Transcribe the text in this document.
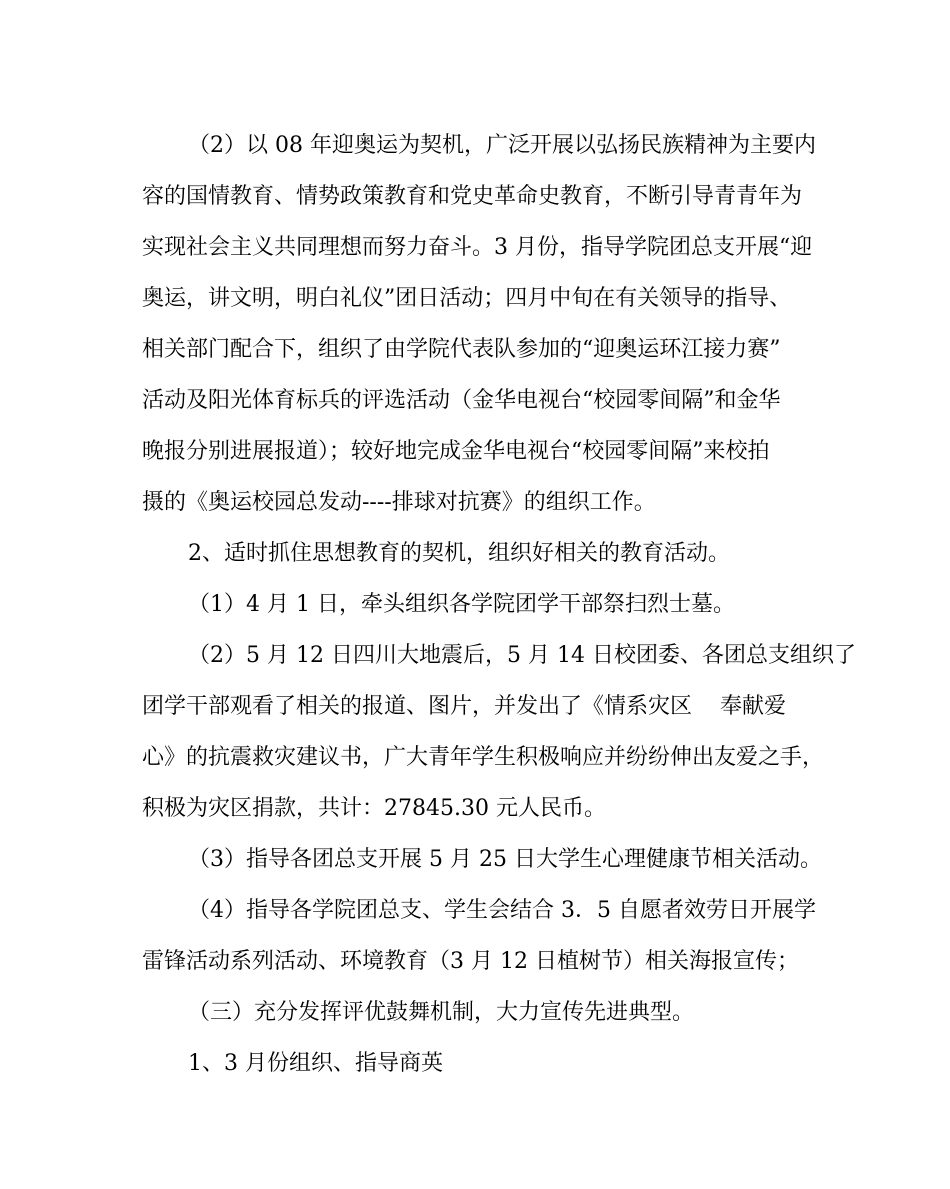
（2）以 08 年迎奥运为契机，广泛开展以弘扬民族精神为主要内
容的国情教育、情势政策教育和党史革命史教育，不断引导青青年为
实现社会主义共同理想而努力奋斗。3 月份，指导学院团总支开展“迎
奥运，讲文明，明白礼仪”团日活动；四月中旬在有关领导的指导、
相关部门配合下，组织了由学院代表队参加的“迎奥运环江接力赛”
活动及阳光体育标兵的评选活动（金华电视台“校园零间隔”和金华
晚报分别进展报道）；较好地完成金华电视台“校园零间隔”来校拍
摄的《奥运校园总发动----排球对抗赛》的组织工作。
2、适时抓住思想教育的契机，组织好相关的教育活动。
（1）4 月 1 日，牵头组织各学院团学干部祭扫烈士墓。
（2）5 月 12 日四川大地震后，5 月 14 日校团委、各团总支组织了
团学干部观看了相关的报道、图片，并发出了《情系灾区    奉献爱
心》的抗震救灾建议书，广大青年学生积极响应并纷纷伸出友爱之手，
积极为灾区捐款，共计：27845.30 元人民币。
（3）指导各团总支开展 5 月 25 日大学生心理健康节相关活动。
（4）指导各学院团总支、学生会结合 3．5 自愿者效劳日开展学
雷锋活动系列活动、环境教育（3 月 12 日植树节）相关海报宣传；
（三）充分发挥评优鼓舞机制，大力宣传先进典型。
1、3 月份组织、指导商英
